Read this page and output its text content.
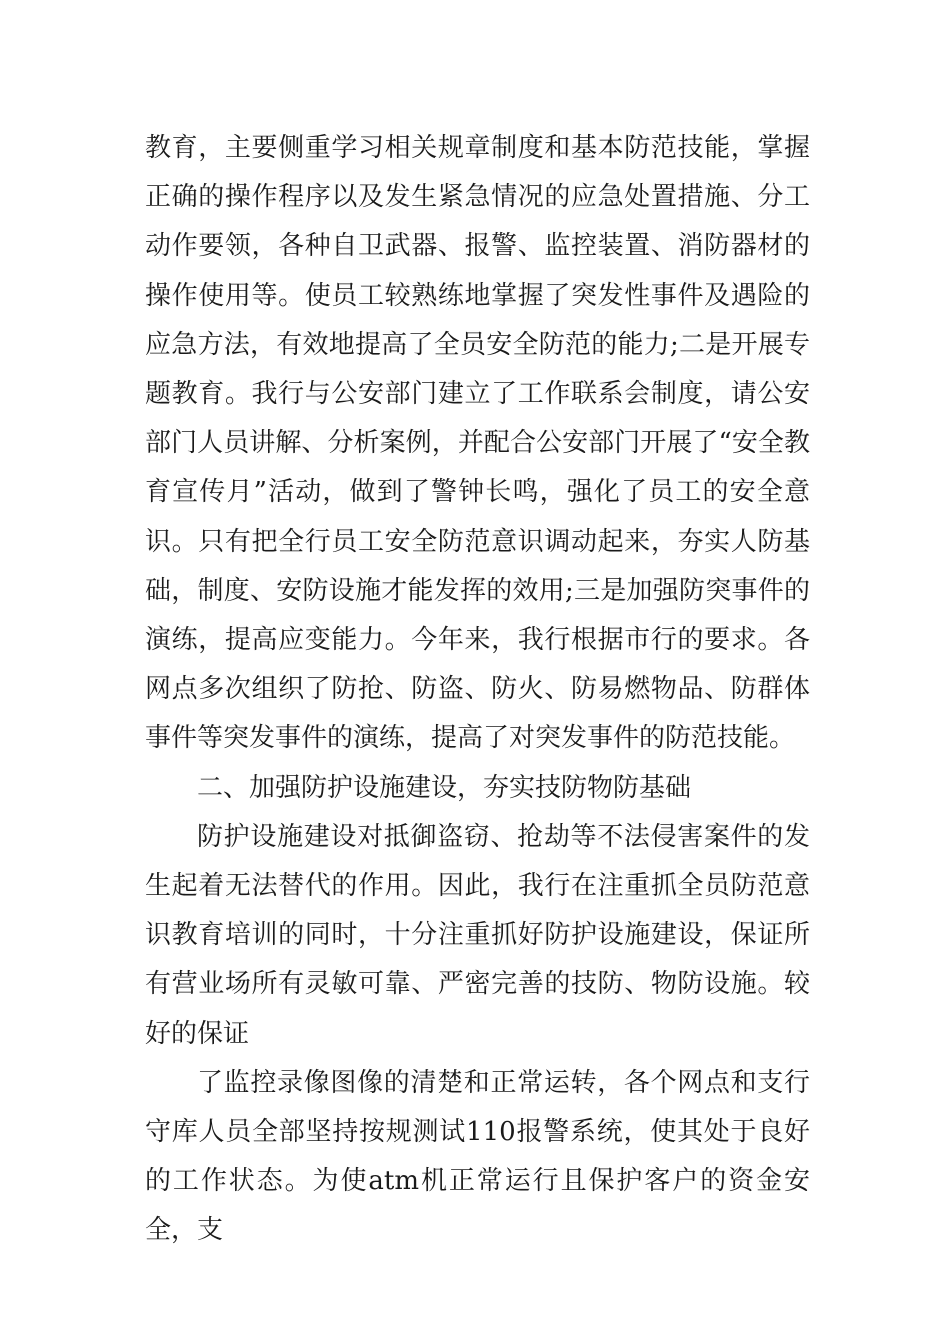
教育，主要侧重学习相关规章制度和基本防范技能，掌握正确的操作程序以及发生紧急情况的应急处置措施、分工动作要领，各种自卫武器、报警、监控装置、消防器材的操作使用等。使员工较熟练地掌握了突发性事件及遇险的应急方法，有效地提高了全员安全防范的能力;二是开展专题教育。我行与公安部门建立了工作联系会制度，请公安部门人员讲解、分析案例，并配合公安部门开展了“安全教育宣传月”活动，做到了警钟长鸣，强化了员工的安全意识。只有把全行员工安全防范意识调动起来，夯实人防基础，制度、安防设施才能发挥的效用;三是加强防突事件的演练，提高应变能力。今年来，我行根据市行的要求。各网点多次组织了防抢、防盗、防火、防易燃物品、防群体事件等突发事件的演练，提高了对突发事件的防范技能。

二、加强防护设施建设，夯实技防物防基础

防护设施建设对抵御盗窃、抢劫等不法侵害案件的发生起着无法替代的作用。因此，我行在注重抓全员防范意识教育培训的同时，十分注重抓好防护设施建设，保证所有营业场所有灵敏可靠、严密完善的技防、物防设施。较好的保证

了监控录像图像的清楚和正常运转，各个网点和支行守库人员全部坚持按规测试110报警系统，使其处于良好的工作状态。为使atm机正常运行且保护客户的资金安全，支
